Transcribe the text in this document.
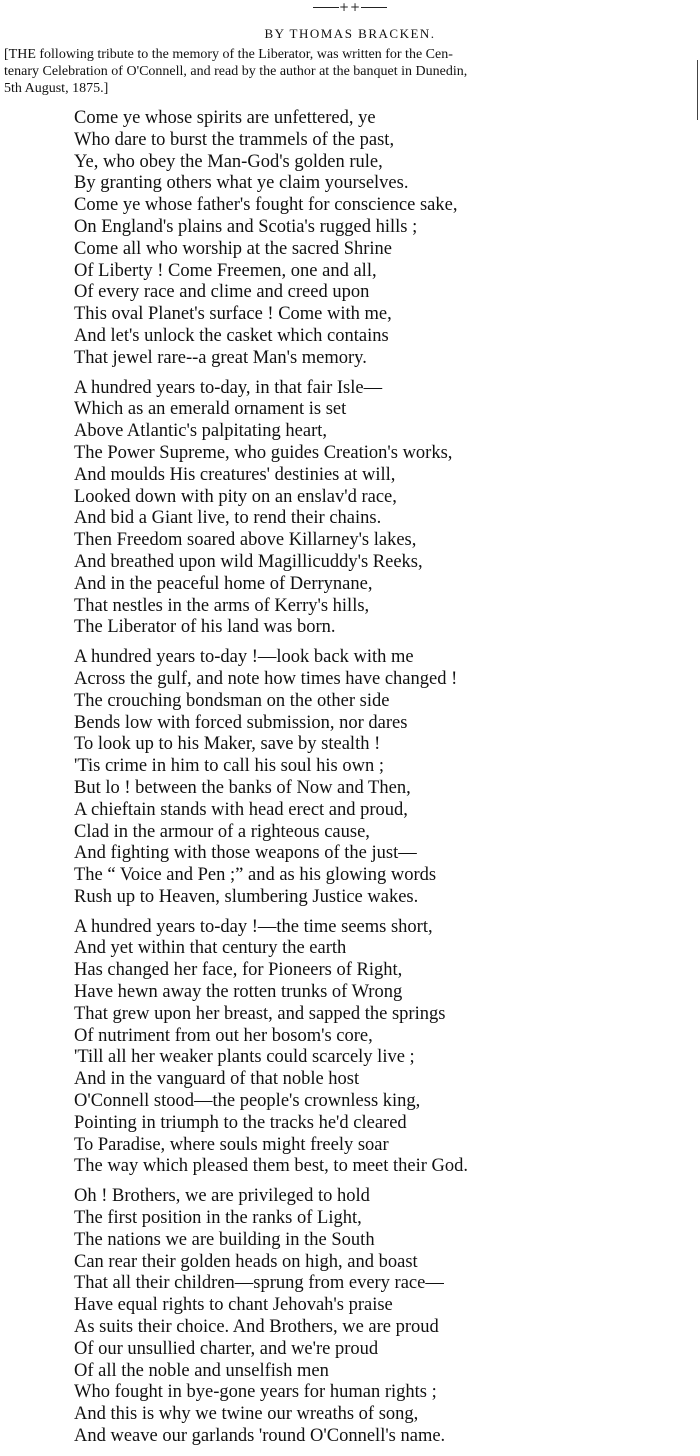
++
BY THOMAS BRACKEN.
[THE following tribute to the memory of the Liberator, was written for the Cen-
tenary Celebration of O'Connell, and read by the author at the banquet in Dunedin,
5th August, 1875.]
Come ye whose spirits are unfettered, ye
Who dare to burst the trammels of the past,
Ye, who obey the Man-God's golden rule,
By granting others what ye claim yourselves.
Come ye whose father's fought for conscience sake,
On England's plains and Scotia's rugged hills ;
Come all who worship at the sacred Shrine
Of Liberty ! Come Freemen, one and all,
Of every race and clime and creed upon
This oval Planet's surface ! Come with me,
And let's unlock the casket which contains
That jewel rare--a great Man's memory.
A hundred years to-day, in that fair Isle—
Which as an emerald ornament is set
Above Atlantic's palpitating heart,
The Power Supreme, who guides Creation's works,
And moulds His creatures' destinies at will,
Looked down with pity on an enslav'd race,
And bid a Giant live, to rend their chains.
Then Freedom soared above Killarney's lakes,
And breathed upon wild Magillicuddy's Reeks,
And in the peaceful home of Derrynane,
That nestles in the arms of Kerry's hills,
The Liberator of his land was born.
A hundred years to-day !—look back with me
Across the gulf, and note how times have changed !
The crouching bondsman on the other side
Bends low with forced submission, nor dares
To look up to his Maker, save by stealth !
'Tis crime in him to call his soul his own ;
But lo ! between the banks of Now and Then,
A chieftain stands with head erect and proud,
Clad in the armour of a righteous cause,
And fighting with those weapons of the just—
The “ Voice and Pen ;” and as his glowing words
Rush up to Heaven, slumbering Justice wakes.
A hundred years to-day !—the time seems short,
And yet within that century the earth
Has changed her face, for Pioneers of Right,
Have hewn away the rotten trunks of Wrong
That grew upon her breast, and sapped the springs
Of nutriment from out her bosom's core,
'Till all her weaker plants could scarcely live ;
And in the vanguard of that noble host
O'Connell stood—the people's crownless king,
Pointing in triumph to the tracks he'd cleared
To Paradise, where souls might freely soar
The way which pleased them best, to meet their God.
Oh ! Brothers, we are privileged to hold
The first position in the ranks of Light,
The nations we are building in the South
Can rear their golden heads on high, and boast
That all their children—sprung from every race—
Have equal rights to chant Jehovah's praise
As suits their choice. And Brothers, we are proud
Of our unsullied charter, and we're proud
Of all the noble and unselfish men
Who fought in bye-gone years for human rights ;
And this is why we twine our wreaths of song,
And weave our garlands 'round O'Connell's name.
